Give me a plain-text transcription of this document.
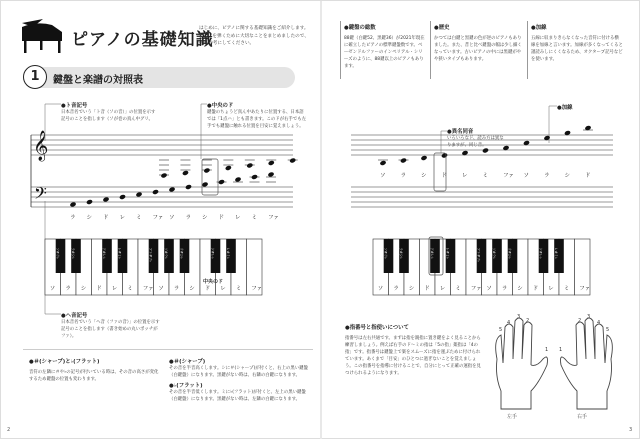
ピアノの基礎知識
はじめに、ピアノに関する基礎知識をご紹介します。ピアノを弾くために大切なことをまとめましたので、ぜひ参考にしてください。
●鍵盤の総数
88鍵（白鍵52、黒鍵36）が2021年現在に確立したピアノの標準鍵盤数です。ベーゼンドルファーのインペリアル・シリーズのように、88鍵以上のピアノもあります。
●歴史
かつては白鍵と黒鍵の色が逆のピアノもありました。また、昔と比べ鍵盤の幅は少し細くなっています。古いピアノの中には黒鍵がやや狭いタイプもあります。
●加線
五線に収まりきらなくなった音符に付ける横線を加線と言います。加線が多くなってくると譜読みしにくくなるため、オクターブ記号などを使います。
1	鍵盤と楽譜の対照表
●ト音記号
日本音名でいう「ト音（ソの音）」の位置を示す記号のことを指します（ソが巻の真ん中グリ。
●中央のド
鍵盤のちょうど真ん中あたりに位置する、日本語では「1点ハ」とも書きます。このドが右手でも左手でも鍵盤に触れる位置を目安に覚えましょう。
●異名同音
いろいろなド、読み方は異なりますが、同じ音。
●加線
●ヘ音記号
日本音名でいう「ヘ音（ファの音）」の位置を示す記号のことを指します（書き始めの丸いポッチがファ）。
𝄞
𝄢
ラ シ ド レ ミ ファ ソ ラ シ ド レ ミ ファ
ソ	ラ	シ	ド	レ	ミ	ファ ソ	ラ	シ	ド
ソ ラ シ ド レ ミ ファ ソ ラ シ ド レ ミ ファ
ソ#ラ♭	ラ#シ♭	ド#レ♭	レ#ミ♭	ファ#ソ♭	ソ#ラ♭	ラ#シ♭	ド#レ♭	レ#ミ♭
ソ ラ シ ド レ ミ ファ ソ ラ シ ド レ ミ ファ
ソ#ラ♭	ラ#シ♭	ド#レ♭	レ#ミ♭	ファ#ソ♭	ソ#ラ♭	ラ#シ♭	ド#レ♭	レ#ミ♭
中央のド
●＃(シャープ)と♭(フラット)
音符の左隣に＃や♭の記号が付いている時は、その音の高さが変化するため鍵盤の位置も変わります。
●＃(シャープ)
その音を半音高くします。シに＃(シャープ)が付くと、右上の黒い鍵盤（白鍵盤）になります。黒鍵がない時は、右隣の白鍵になります。
●♭(フラット)
その音を半音低くします。ミに♭(フラット)が付くと、左上の黒い鍵盤（白鍵盤）になります。黒鍵がない時は、左隣の白鍵になります。
●指番号と指使いについて
指番号は左右共通です。まずは指を親指に置き鍵をよく見ることから練習しましょう。例えば右手のド〜ミの指は「5の指」薬指は「4の指」です。指番号は鍵盤上で楽をスムーズに指を運ぶために付けられています。あくまで「目安」のひとつに過ぎないことを覚えましょう。この指番号を指導に付けることで、自分にとって正確の運指を見つけられるようになります。
5
4
3
2
1
5
4
3
2
1
左手	右手
2	3
